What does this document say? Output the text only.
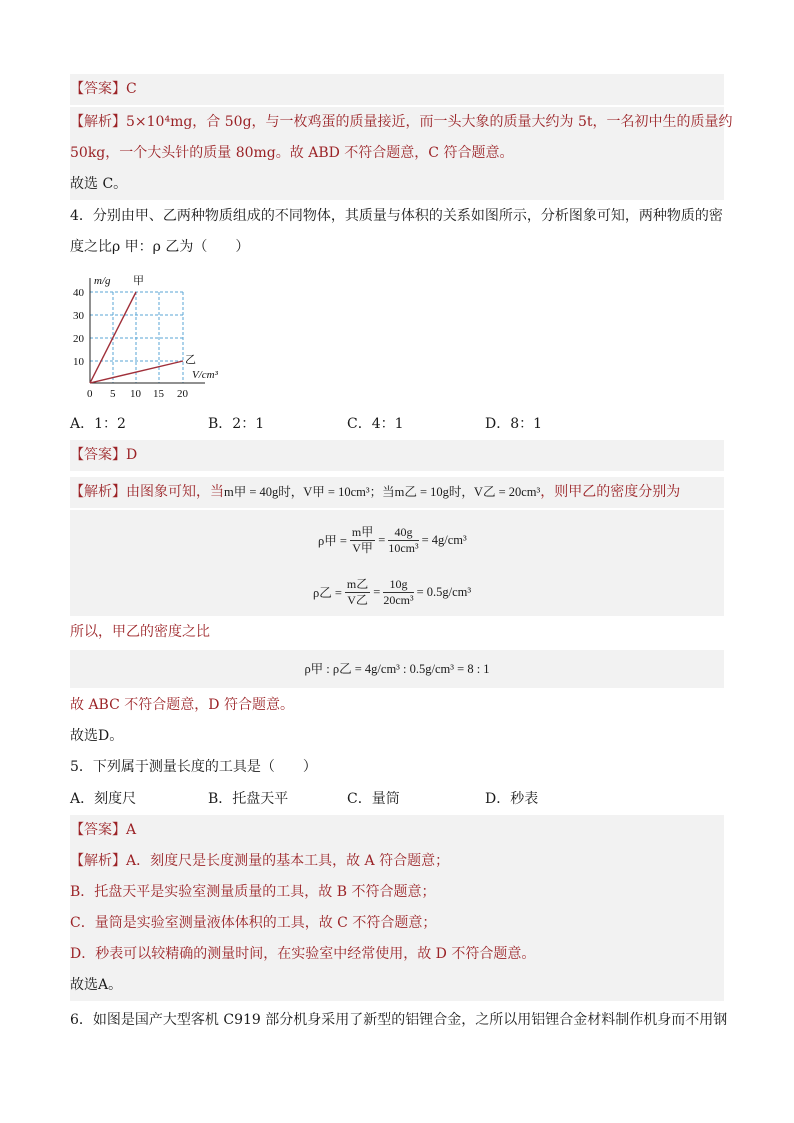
【答案】C
【解析】5×10⁴mg，合 50g，与一枚鸡蛋的质量接近，而一头大象的质量大约为 5t，一名初中生的质量约
50kg，一个大头针的质量 80mg。故 ABD 不符合题意，C 符合题意。
故选 C。
4．分别由甲、乙两种物质组成的不同物体，其质量与体积的关系如图所示，分析图象可知，两种物质的密
度之比ρ 甲：ρ 乙为（　　）
m/g
V/cm³
甲
乙
40
30
20
10
0 5 10 15 20
A．1：2	B．2：1	C．4：1	D．8：1
【答案】D
【解析】由图象可知，当m甲 = 40g时，V甲 = 10cm³；当m乙 = 10g时，V乙 = 20cm³，则甲乙的密度分别为
ρ甲 = $\frac{\text{m甲}}{\text{V甲}} = \frac{40g}{\text{10cm³}} = 4g/cm^3$
ρ乙 = $\frac{\text{m乙}}{\text{V乙}} = \frac{10g}{\text{20cm³}} = 0.5g/cm^3$
所以，甲乙的密度之比
ρ甲 : ρ乙 = 4g/cm³ : 0.5g/cm³ = 8 : 1
故 ABC 不符合题意，D 符合题意。
故选D。
5．下列属于测量长度的工具是（　　）
A．刻度尺	B．托盘天平	C．量筒	D．秒表
【答案】A
【解析】A．刻度尺是长度测量的基本工具，故 A 符合题意；
B．托盘天平是实验室测量质量的工具，故 B 不符合题意；
C．量筒是实验室测量液体体积的工具，故 C 不符合题意；
D．秒表可以较精确的测量时间，在实验室中经常使用，故 D 不符合题意。
故选A。
6．如图是国产大型客机 C919 部分机身采用了新型的铝锂合金，之所以用铝锂合金材料制作机身而不用钢
